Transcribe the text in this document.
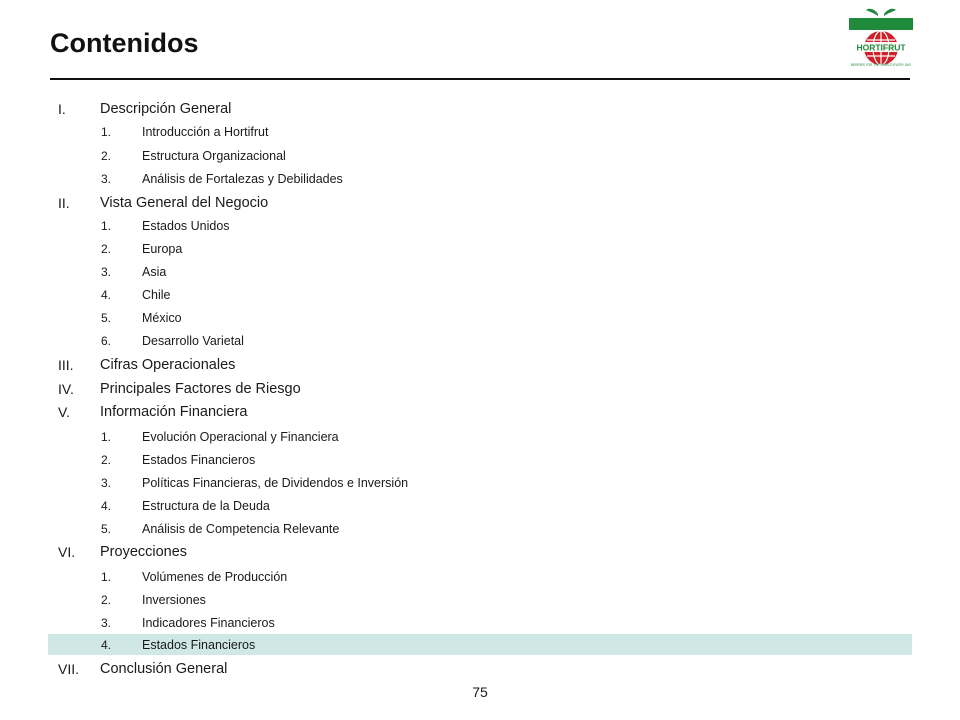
Contenidos	HORTIFRUT
BERRIES FOR THE WORLD EVERY DAY
I.	Descripción General
1.	Introducción a Hortifrut
2.	Estructura Organizacional
3.	Análisis de Fortalezas y Debilidades
II.	Vista General del Negocio
1.	Estados Unidos
2.	Europa
3.	Asia
4.	Chile
5.	México
6.	Desarrollo Varietal
III.	Cifras Operacionales
IV.	Principales Factores de Riesgo
V.	Información Financiera
1.	Evolución Operacional y Financiera
2.	Estados Financieros
3.	Políticas Financieras, de Dividendos e Inversión
4.	Estructura de la Deuda
5.	Análisis de Competencia Relevante
VI.	Proyecciones
1.	Volúmenes de Producción
2.	Inversiones
3.	Indicadores Financieros
4.	Estados Financieros
VII.	Conclusión General
75
